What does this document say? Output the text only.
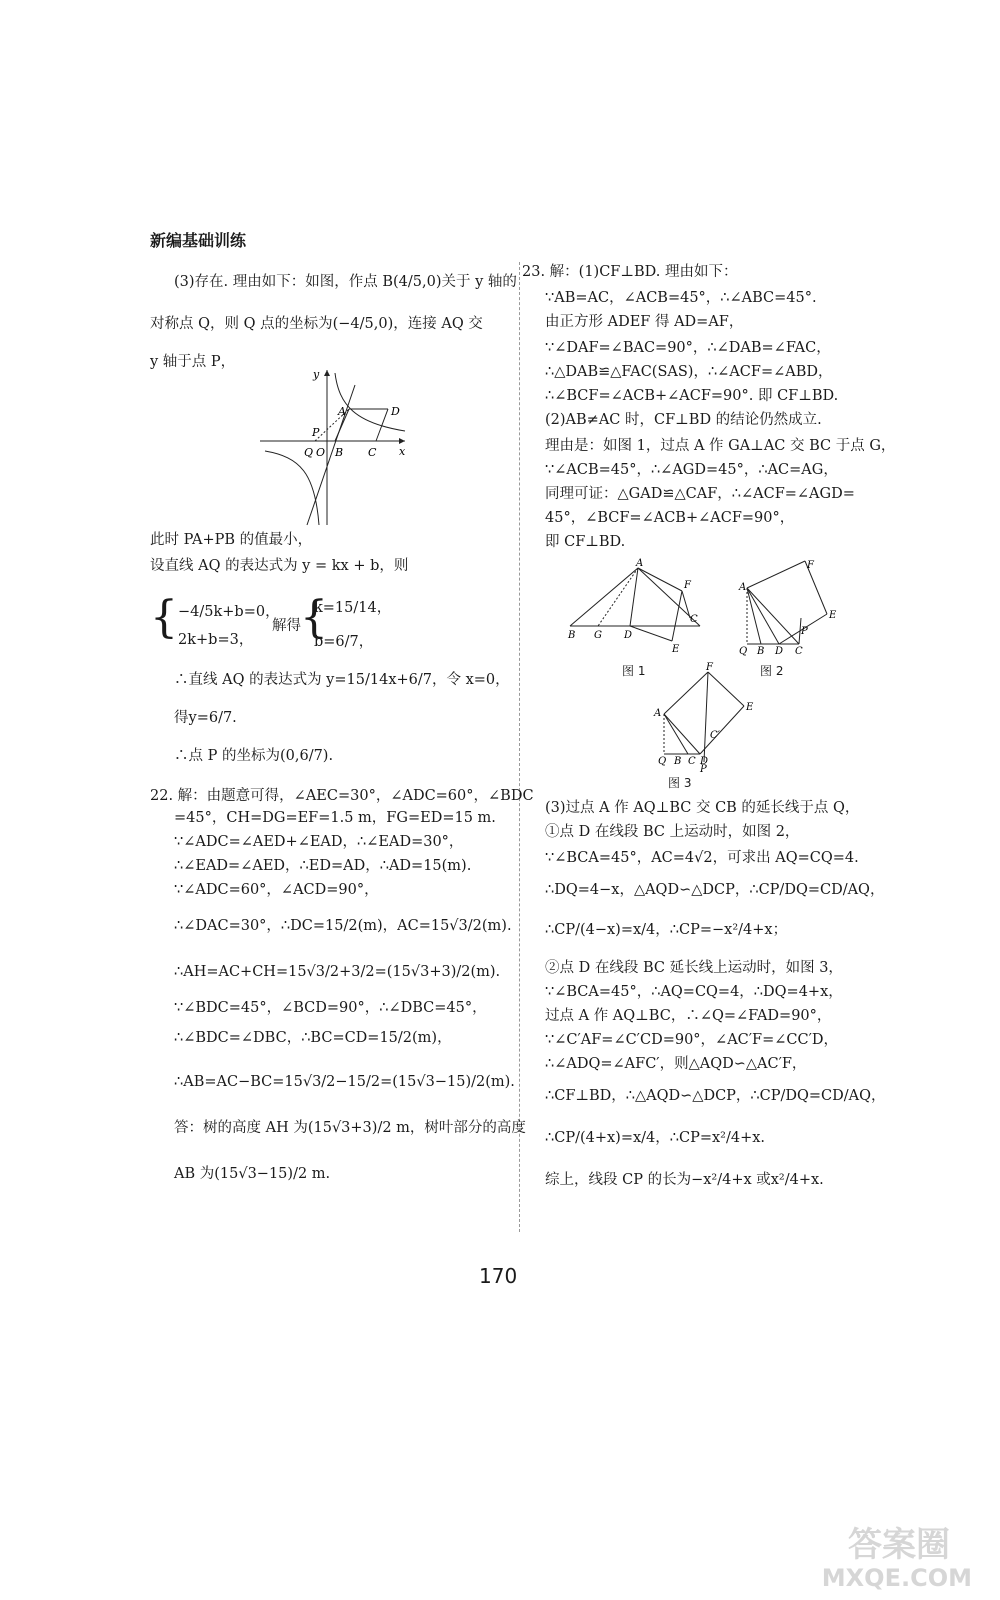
新编基础训练
(3)存在. 理由如下：如图，作点 B(4/5,0)关于 y 轴的
对称点 Q，则 Q 点的坐标为(−4/5,0)，连接 AQ 交
y 轴于点 P，
y
x
A	D
P
Q O B C
此时 PA+PB 的值最小，
设直线 AQ 的表达式为 y = kx + b，则
{ −4/5k+b=0，
2k+b=3，
解得 {
k=15/14，
b=6/7，
∴直线 AQ 的表达式为 y=15/14x+6/7，令 x=0，
得y=6/7.
∴点 P 的坐标为(0,6/7).
22. 解：由题意可得，∠AEC=30°，∠ADC=60°，∠BDC
=45°，CH=DG=EF=1.5 m，FG=ED=15 m.
∵∠ADC=∠AED+∠EAD，∴∠EAD=30°，
∴∠EAD=∠AED，∴ED=AD，∴AD=15(m).
∵∠ADC=60°，∠ACD=90°，
∴∠DAC=30°，∴DC=15/2(m)，AC=15√3/2(m).
∴AH=AC+CH=15√3/2+3/2=(15√3+3)/2(m).
∵∠BDC=45°，∠BCD=90°，∴∠DBC=45°，
∴∠BDC=∠DBC，∴BC=CD=15/2(m)，
∴AB=AC−BC=15√3/2−15/2=(15√3−15)/2(m).
答：树的高度 AH 为(15√3+3)/2 m，树叶部分的高度
AB 为(15√3−15)/2 m.
23. 解：(1)CF⊥BD. 理由如下：
∵AB=AC，∠ACB=45°，∴∠ABC=45°.
由正方形 ADEF 得 AD=AF，
∵∠DAF=∠BAC=90°，∴∠DAB=∠FAC，
∴△DAB≌△FAC(SAS)，∴∠ACF=∠ABD，
∴∠BCF=∠ACB+∠ACF=90°. 即 CF⊥BD.
(2)AB≠AC 时，CF⊥BD 的结论仍然成立.
理由是：如图 1，过点 A 作 GA⊥AC 交 BC 于点 G，
∵∠ACB=45°，∴∠AGD=45°，∴AC=AG，
同理可证：△GAD≌△CAF，∴∠ACF=∠AGD=
45°，∠BCF=∠ACB+∠ACF=90°，
即 CF⊥BD.
A
B G D
C
F
E
图 1
A
F
E
P
Q B D C
图 2
A
F
E
C′
Q B C D
P
图 3
(3)过点 A 作 AQ⊥BC 交 CB 的延长线于点 Q，
①点 D 在线段 BC 上运动时，如图 2，
∵∠BCA=45°，AC=4√2，可求出 AQ=CQ=4.
∴DQ=4−x，△AQD∽△DCP，∴CP/DQ=CD/AQ，
∴CP/(4−x)=x/4，∴CP=−x²/4+x；
②点 D 在线段 BC 延长线上运动时，如图 3，
∵∠BCA=45°，∴AQ=CQ=4，∴DQ=4+x，
过点 A 作 AQ⊥BC，∴∠Q=∠FAD=90°，
∵∠C′AF=∠C′CD=90°，∠AC′F=∠CC′D，
∴∠ADQ=∠AFC′，则△AQD∽△AC′F，
∴CF⊥BD，∴△AQD∽△DCP，∴CP/DQ=CD/AQ，
∴CP/(4+x)=x/4，∴CP=x²/4+x.
综上，线段 CP 的长为−x²/4+x 或x²/4+x.
170
答案圈
MXQE.COM
